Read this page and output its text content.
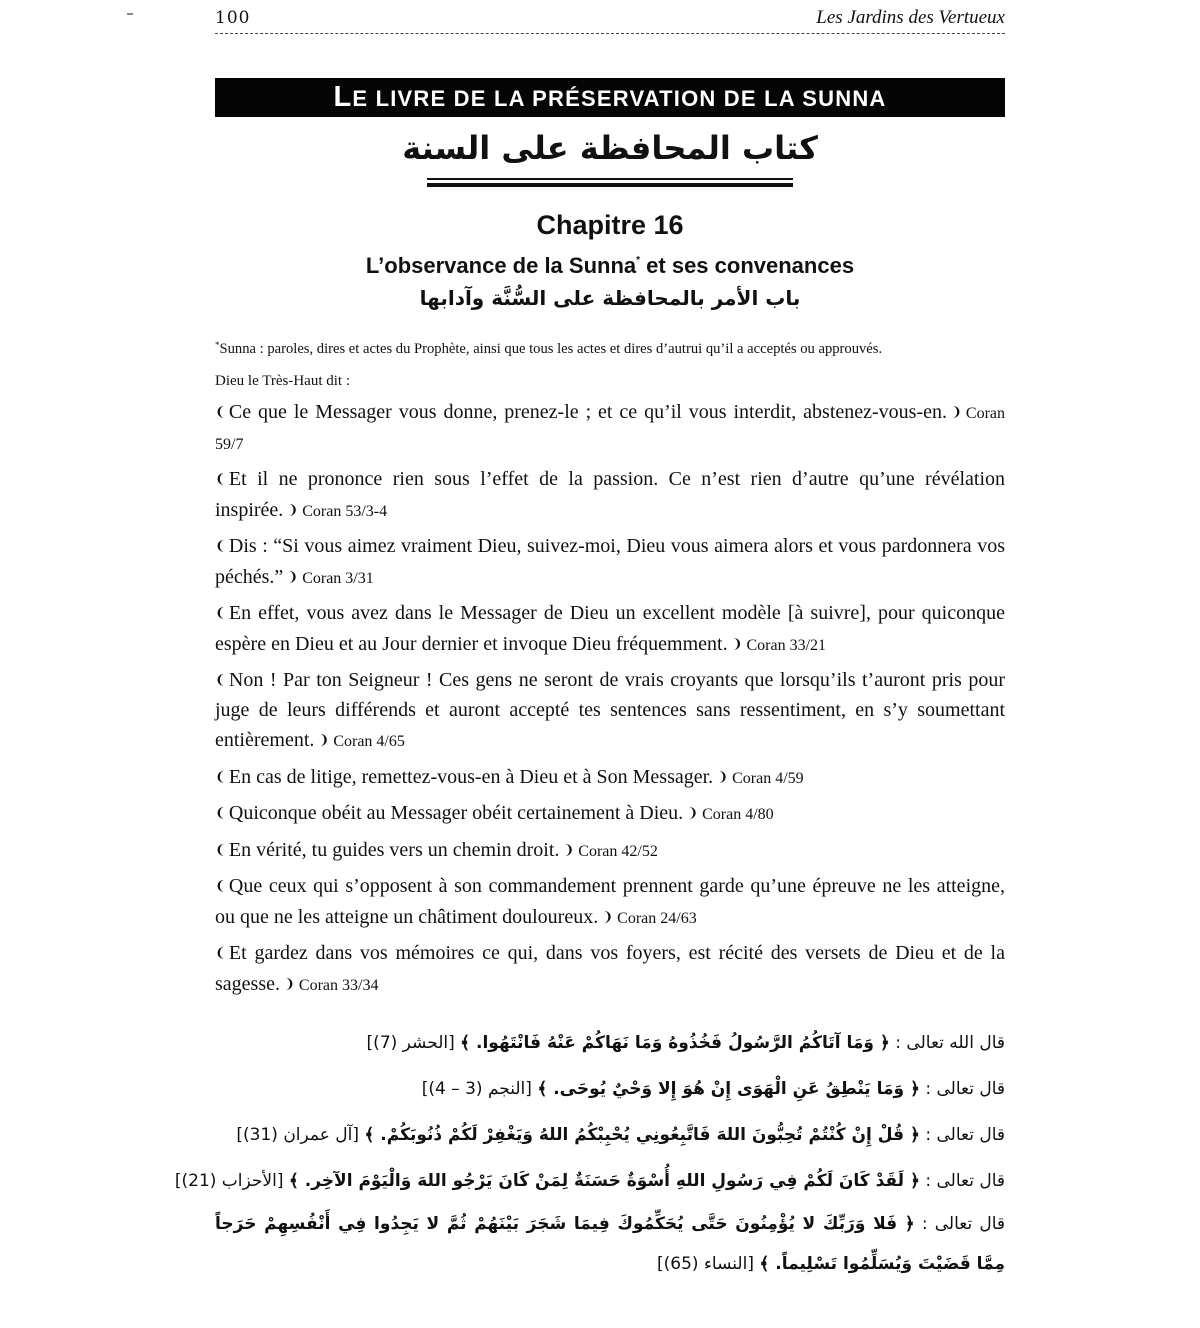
100	Les Jardins des Vertueux
LE LIVRE DE LA PRÉSERVATION DE LA SUNNA
كتاب المحافظة على السنة
Chapitre 16
L’observance de la Sunna* et ses convenances
باب الأمر بالمحافظة على السُّنَّة وآدابها
*Sunna : paroles, dires et actes du Prophète, ainsi que tous les actes et dires d’autrui qu’il a acceptés ou approuvés.
Dieu le Très-Haut dit :
❨ Ce que le Messager vous donne, prenez-le ; et ce qu’il vous interdit, abstenez-vous-en. ❩ Coran 59/7
❨ Et il ne prononce rien sous l’effet de la passion. Ce n’est rien d’autre qu’une révélation inspirée. ❩ Coran 53/3-4
❨ Dis : “Si vous aimez vraiment Dieu, suivez-moi, Dieu vous aimera alors et vous pardonnera vos péchés.” ❩ Coran 3/31
❨ En effet, vous avez dans le Messager de Dieu un excellent modèle [à suivre], pour quiconque espère en Dieu et au Jour dernier et invoque Dieu fréquemment. ❩ Coran 33/21
❨ Non ! Par ton Seigneur ! Ces gens ne seront de vrais croyants que lorsqu’ils t’auront pris pour juge de leurs différends et auront accepté tes sentences sans ressentiment, en s’y soumettant entièrement. ❩ Coran 4/65
❨ En cas de litige, remettez-vous-en à Dieu et à Son Messager. ❩ Coran 4/59
❨ Quiconque obéit au Messager obéit certainement à Dieu. ❩ Coran 4/80
❨ En vérité, tu guides vers un chemin droit. ❩ Coran 42/52
❨ Que ceux qui s’opposent à son commandement prennent garde qu’une épreuve ne les atteigne, ou que ne les atteigne un châtiment douloureux. ❩ Coran 24/63
❨ Et gardez dans vos mémoires ce qui, dans vos foyers, est récité des versets de Dieu et de la sagesse. ❩ Coran 33/34
قال الله تعالى : ﴿ وَمَا آتَاكُمُ الرَّسُولُ فَخُذُوهُ وَمَا نَهَاكُمْ عَنْهُ فَانْتَهُوا. ﴾ [الحشر (7)]
قال تعالى : ﴿ وَمَا يَنْطِقُ عَنِ الْهَوَى إِنْ هُوَ إِلا وَحْيٌ يُوحَى. ﴾ [النجم (3 – 4)]
قال تعالى : ﴿ قُلْ إِنْ كُنْتُمْ تُحِبُّونَ اللهَ فَاتَّبِعُونِي يُحْبِبْكُمُ اللهُ وَيَغْفِرْ لَكُمْ ذُنُوبَكُمْ. ﴾ [آل عمران (31)]
قال تعالى : ﴿ لَقَدْ كَانَ لَكُمْ فِي رَسُولِ اللهِ أُسْوَةٌ حَسَنَةٌ لِمَنْ كَانَ يَرْجُو اللهَ وَالْيَوْمَ الآخِر. ﴾ [الأحزاب (21)]
قال تعالى : ﴿ فَلا وَرَبِّكَ لا يُؤْمِنُونَ حَتَّى يُحَكِّمُوكَ فِيمَا شَجَرَ بَيْنَهُمْ ثُمَّ لا يَجِدُوا فِي أَنْفُسِهِمْ حَرَجاً مِمَّا قَضَيْتَ وَيُسَلِّمُوا تَسْلِيماً. ﴾ [النساء (65)]
